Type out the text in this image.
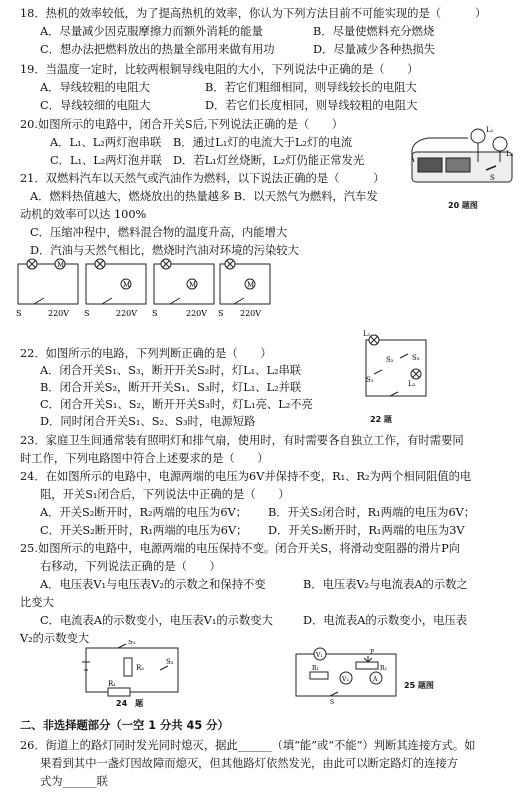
18．热机的效率较低，为了提高热机的效率，你认为下列方法目前不可能实现的是（　　　）
A．尽量减少因克服摩擦力而额外消耗的能量	B．尽量使燃料充分燃烧
C．想办法把燃料放出的热量全部用来做有用功	D．尽量减少各种热损失
19．当温度一定时，比较两根铜导线电阻的大小，下列说法中正确的是（　　）
A．导线较粗的电阻大	B．若它们粗细相同，则导线较长的电阻大
C．导线较细的电阻大	D．若它们长度相同，则导线较粗的电阻大
20.如图所示的电路中，闭合开关S后,下列说法正确的是（　　）
A．L₁、L₂两灯泡串联 B．通过L₁灯的电流大于L₂灯的电流
C．L₁、L₂两灯泡并联 D．若L₁灯丝烧断，L₂灯仍能正常发光
L₁
L₂
S
20 题图
21．双燃料汽车以天然气或汽油作为燃料，以下说法正确的是（　　　）
A．燃料热值越大，燃烧放出的热量越多 B．以天然气为燃料，汽车发
动机的效率可以达 100%
C．压缩冲程中，燃料混合物的温度升高，内能增大
D．汽油与天然气相比，燃烧时汽油对环境的污染较大
M
S	220V
M
S	220V
M
S	220V
M
S 220V
L₁
L₂
S₁
S₂	S₃
22 题
22．如图所示的电路，下列判断正确的是（　　）
A．闭合开关S₁、S₃，断开开关S₂时，灯L₁、L₂串联
B．闭合开关S₂，断开开关S₁、S₃时，灯L₁、L₂并联
C．闭合开关S₁、S₂，断开开关S₃时，灯L₁亮、L₂不亮
D．同时闭合开关S₁、S₂、S₃时，电源短路
23．家庭卫生间通常装有照明灯和排气扇，使用时，有时需要各自独立工作，有时需要同
时工作，下列电路图中符合上述要求的是（　　）
24．在如图所示的电路中，电源两端的电压为6V并保持不变，R₁、R₂为两个相同阻值的电
阻，开关S₁闭合后，下列说法中正确的是（　　）
A．开关S₂断开时，R₂两端的电压为6V； B．开关S₂闭合时，R₁两端的电压为6V；
C．开关S₂断开时，R₁两端的电压为6V； D．开关S₂断开时，R₁两端的电压为3V
25.如图所示的电路中，电源两端的电压保持不变。闭合开关S，将滑动变阻器的滑片P向
右移动，下列说法正确的是（　　）
A．电压表V₁与电压表V₂的示数之和保持不变	B．电压表V₂与电流表A的示数之
比变大
C．电流表A的示数变小，电压表V₁的示数变大	D．电流表A的示数变小，电压表
V₂的示数变大	S₁
S₂
R₂
R₁
24　题
V₁
V₂	A
R₁	R₂
P
S
25 题图
二、非选择题部分（一空 1 分共 45 分）
26．街道上的路灯同时发光同时熄灭，据此______（填“能”或“不能”）判断其连接方式。如
果看到其中一盏灯因故障而熄灭，但其他路灯依然发光，由此可以断定路灯的连接方
式为______联
